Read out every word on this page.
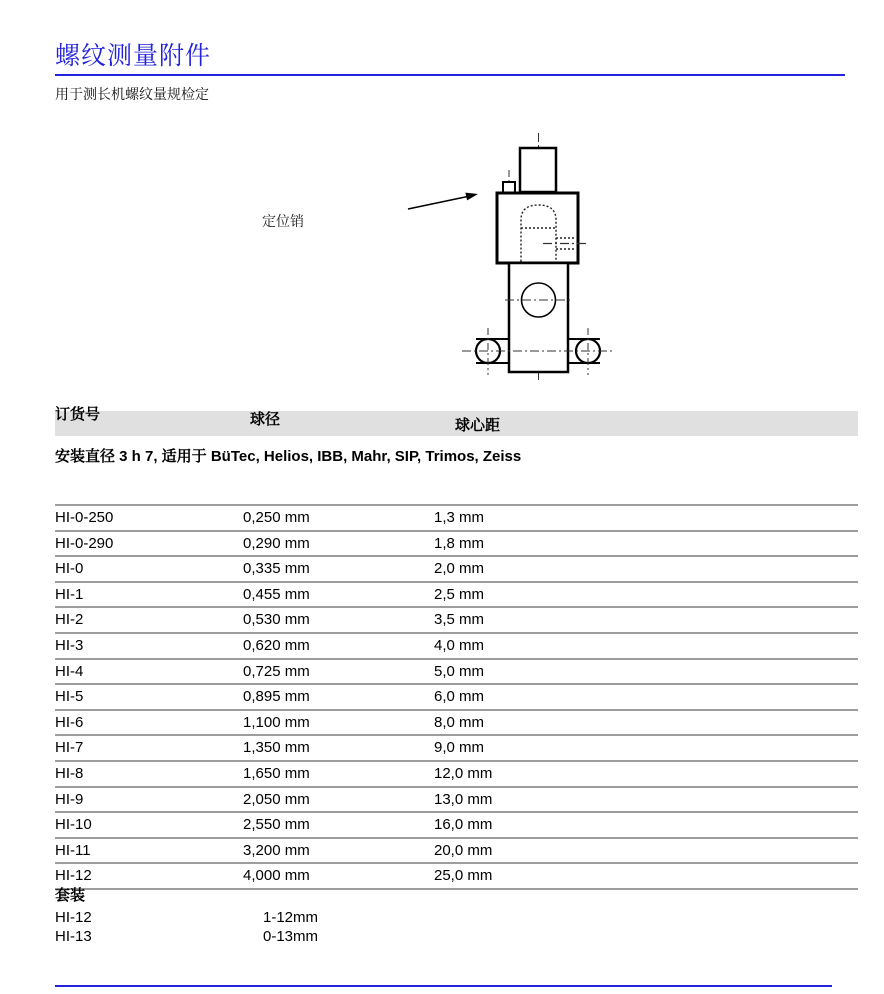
螺纹测量附件
用于测长机螺纹量规检定
定位销
订货号	球径	球心距
安装直径 3 h 7, 适用于 BüTec, Helios, IBB, Mahr, SIP, Trimos, Zeiss
HI-0-250	0,250 mm	1,3 mm
HI-0-290	0,290 mm	1,8 mm
HI-0	0,335 mm	2,0 mm
HI-1	0,455 mm	2,5 mm
HI-2	0,530 mm	3,5 mm
HI-3	0,620 mm	4,0 mm
HI-4	0,725 mm	5,0 mm
HI-5	0,895 mm	6,0 mm
HI-6	1,100 mm	8,0 mm
HI-7	1,350 mm	9,0 mm
HI-8	1,650 mm	12,0 mm
HI-9	2,050 mm	13,0 mm
HI-10	2,550 mm	16,0 mm
HI-11	3,200 mm	20,0 mm
HI-12	4,000 mm	25,0 mm
套装
HI-12	1-12mm
HI-13	0-13mm
